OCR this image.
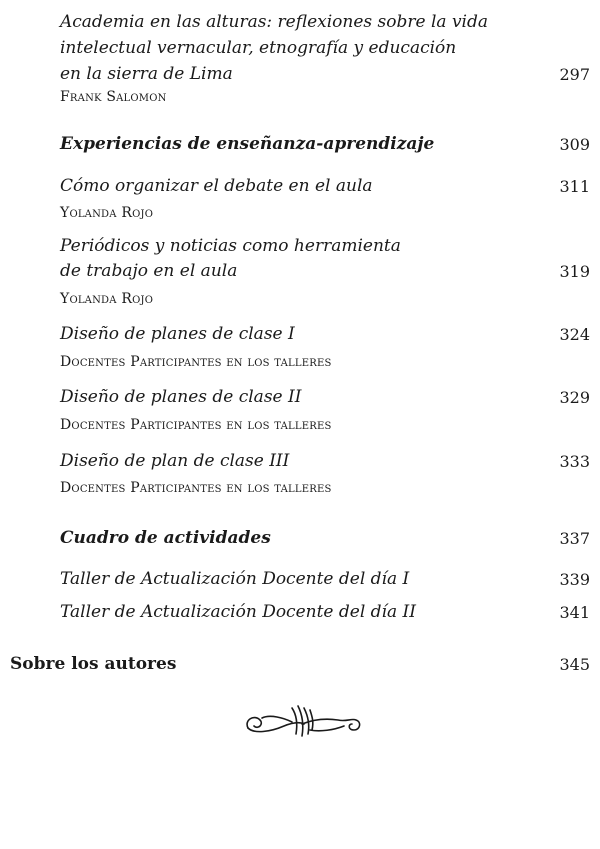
Academia en las alturas: reflexiones sobre la vida
intelectual vernacular, etnografía y educación
en la sierra de Lima	297
Frank Salomon
Experiencias de enseñanza-aprendizaje	309
Cómo organizar el debate en el aula	311
Yolanda Rojo
Periódicos y noticias como herramienta
de trabajo en el aula	319
Yolanda Rojo
Diseño de planes de clase I	324
Docentes Participantes en los talleres
Diseño de planes de clase II	329
Docentes Participantes en los talleres
Diseño de plan de clase III	333
Docentes Participantes en los talleres
Cuadro de actividades	337
Taller de Actualización Docente del día I	339
Taller de Actualización Docente del día II	341
Sobre los autores	345
